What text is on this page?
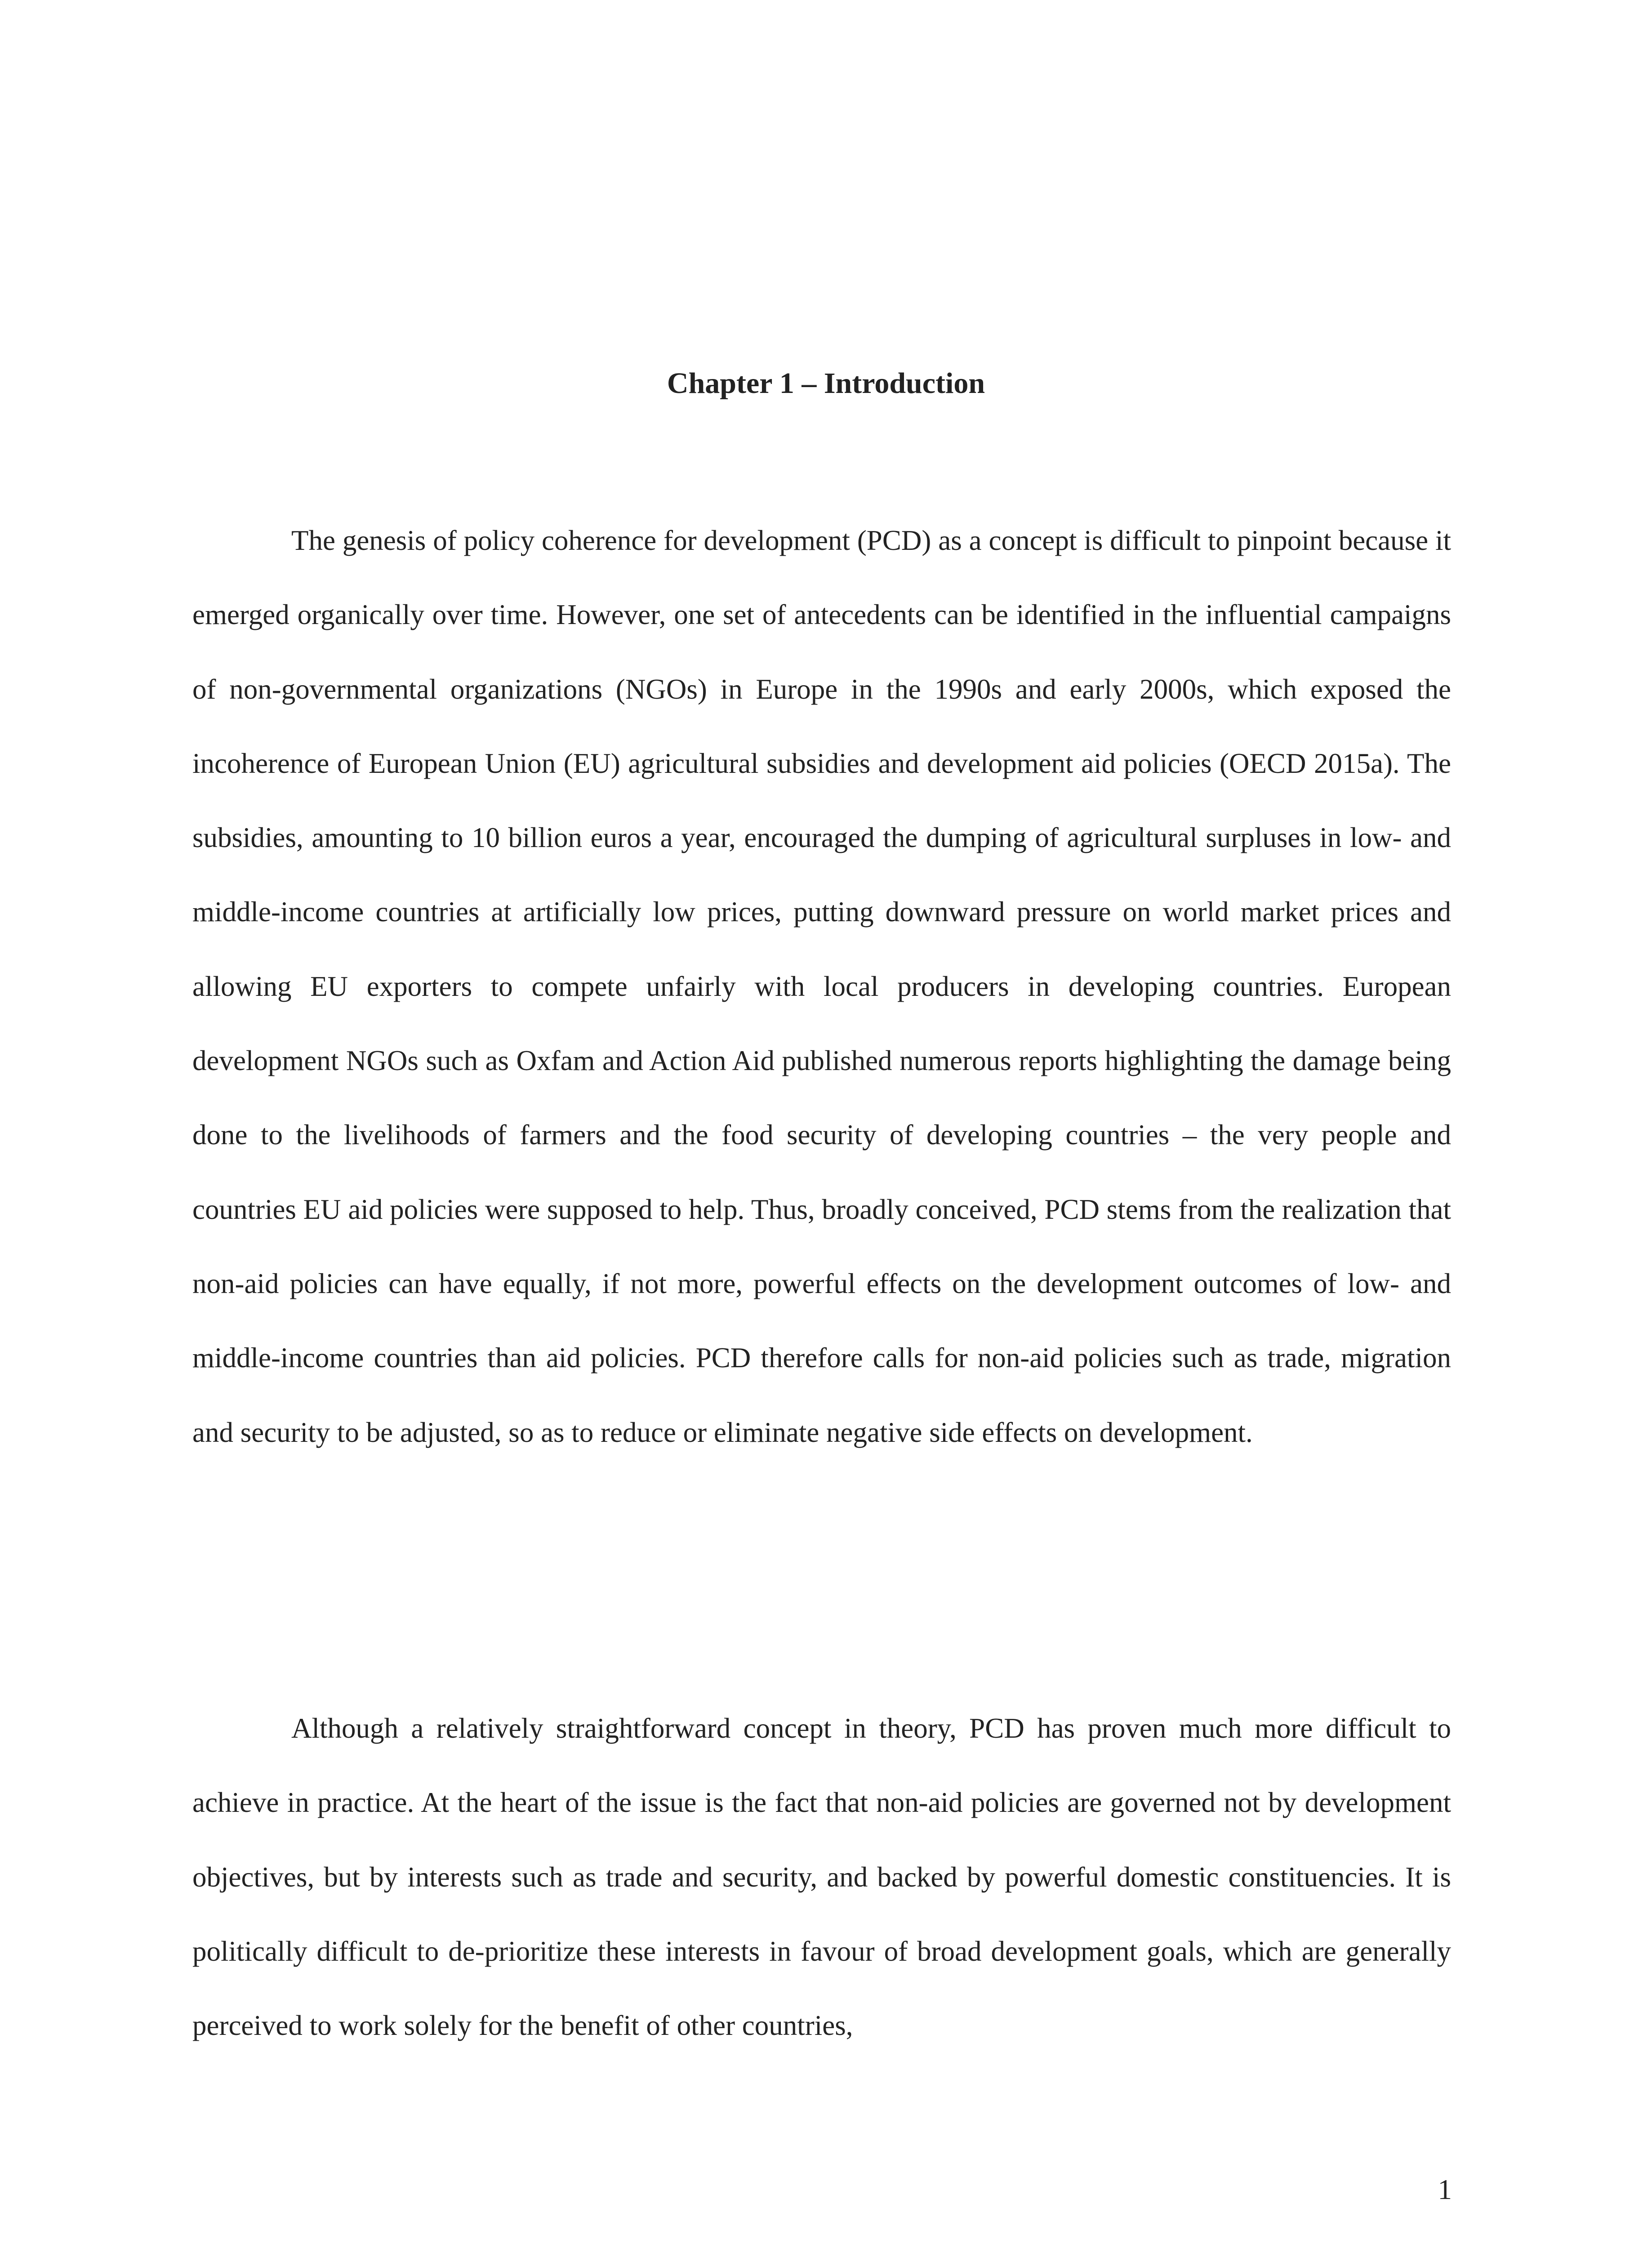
Chapter 1 – Introduction

The genesis of policy coherence for development (PCD) as a concept is difficult to pinpoint because it emerged organically over time. However, one set of antecedents can be identified in the influential campaigns of non-governmental organizations (NGOs) in Europe in the 1990s and early 2000s, which exposed the incoherence of European Union (EU) agricultural subsidies and development aid policies (OECD 2015a). The subsidies, amounting to 10 billion euros a year, encouraged the dumping of agricultural surpluses in low- and middle-income countries at artificially low prices, putting downward pressure on world market prices and allowing EU exporters to compete unfairly with local producers in developing countries. European development NGOs such as Oxfam and Action Aid published numerous reports highlighting the damage being done to the livelihoods of farmers and the food security of developing countries – the very people and countries EU aid policies were supposed to help. Thus, broadly conceived, PCD stems from the realization that non-aid policies can have equally, if not more, powerful effects on the development outcomes of low- and middle-income countries than aid policies. PCD therefore calls for non-aid policies such as trade, migration and security to be adjusted, so as to reduce or eliminate negative side effects on development.

Although a relatively straightforward concept in theory, PCD has proven much more difficult to achieve in practice. At the heart of the issue is the fact that non-aid policies are governed not by development objectives, but by interests such as trade and security, and backed by powerful domestic constituencies. It is politically difficult to de-prioritize these interests in favour of broad development goals, which are generally perceived to work solely for the benefit of other countries,

1
